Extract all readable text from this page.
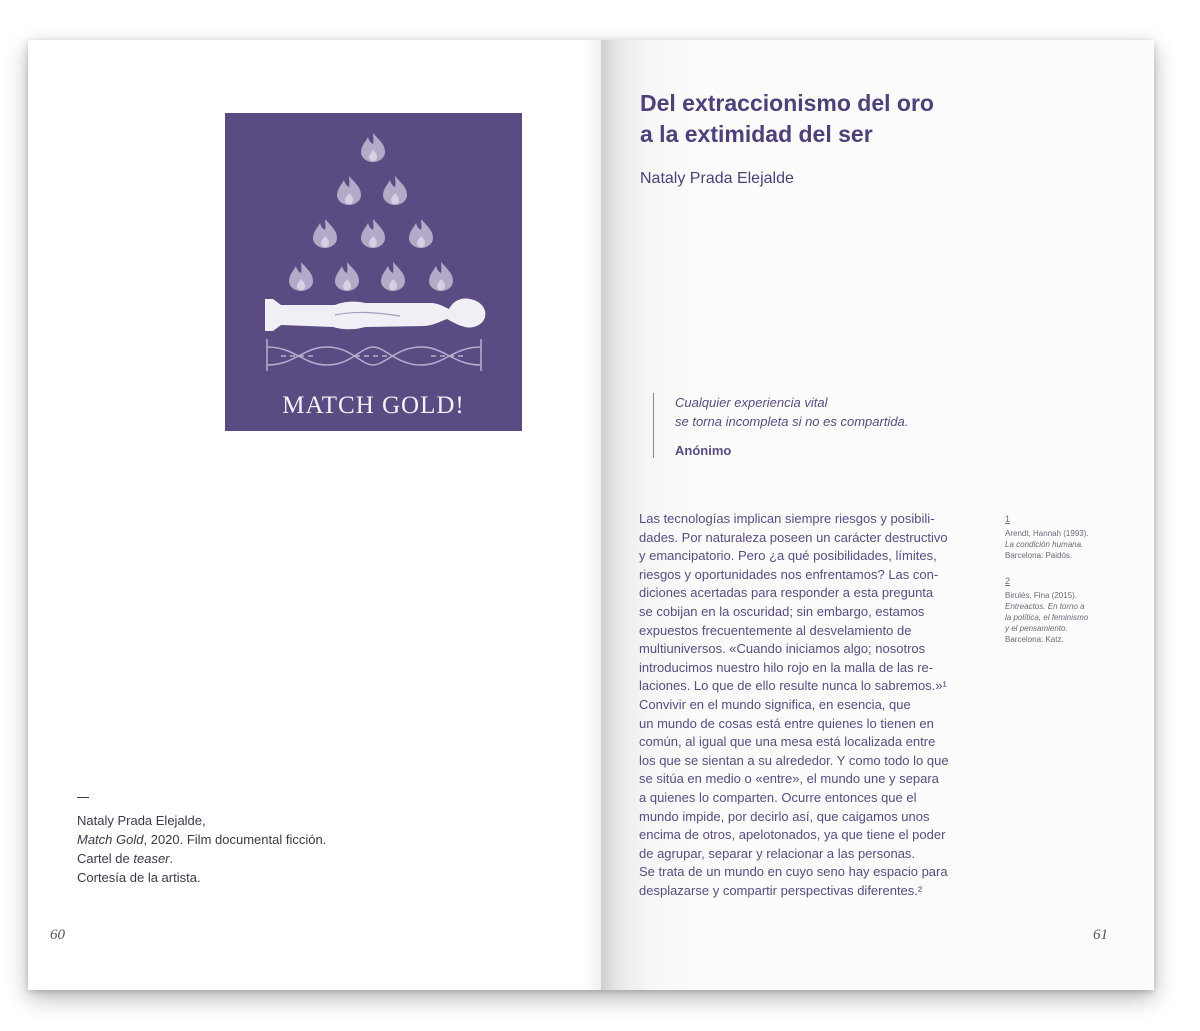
MATCH GOLD!

Nataly Prada Elejalde,

Match Gold, 2020. Film documental ficción.

Cartel de teaser.

Cortesía de la artista.

60
Del extraccionismo del oro
a la extimidad del ser

Nataly Prada Elejalde

Cualquier experiencia vital

se torna incompleta si no es compartida.

Anónimo

Las tecnologías implican siempre riesgos y posibili-
dades. Por naturaleza poseen un carácter destructivo
y emancipatorio. Pero ¿a qué posibilidades, límites,
riesgos y oportunidades nos enfrentamos? Las con-
diciones acertadas para responder a esta pregunta
se cobijan en la oscuridad; sin embargo, estamos
expuestos frecuentemente al desvelamiento de
multiuniversos. «Cuando iniciamos algo; nosotros
introducimos nuestro hilo rojo en la malla de las re-
laciones. Lo que de ello resulte nunca lo sabremos.»¹
Convivir en el mundo significa, en esencia, que
un mundo de cosas está entre quienes lo tienen en
común, al igual que una mesa está localizada entre
los que se sientan a su alrededor. Y como todo lo que
se sitúa en medio o «entre», el mundo une y separa
a quienes lo comparten. Ocurre entonces que el
mundo impide, por decirlo así, que caigamos unos
encima de otros, apelotonados, ya que tiene el poder
de agrupar, separar y relacionar a las personas.
Se trata de un mundo en cuyo seno hay espacio para
desplazarse y compartir perspectivas diferentes.²
1
Arendt, Hannah (1993).
La condición humana.
Barcelona: Paidós.
2
Birulés, Fina (2015).
Entreactos. En torno a
la política, el feminismo
y el pensamiento.
Barcelona: Katz.
61
